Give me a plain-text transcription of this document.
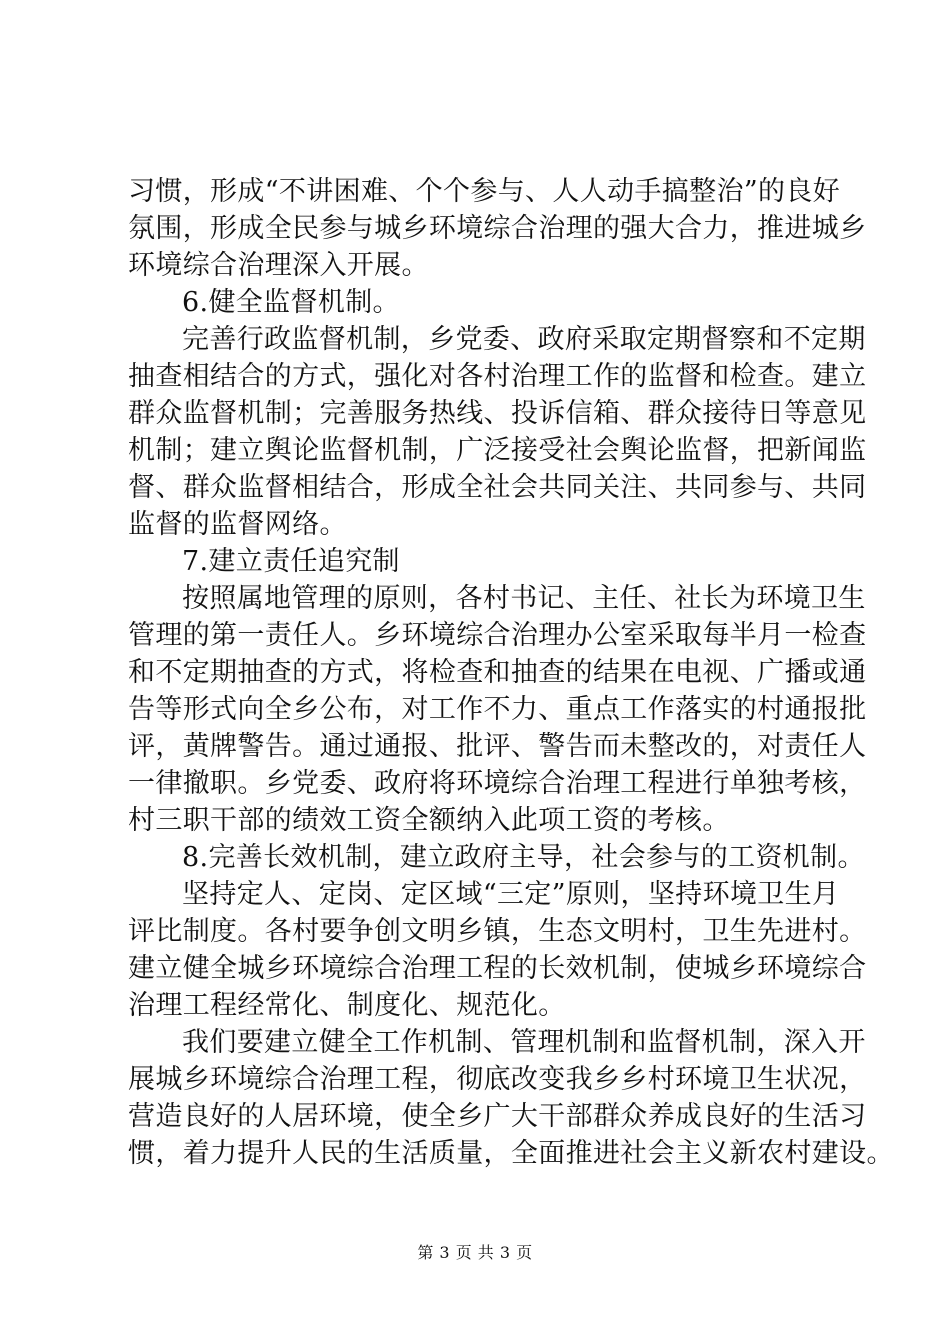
习惯，形成“不讲困难、个个参与、人人动手搞整治”的良好
氛围，形成全民参与城乡环境综合治理的强大合力，推进城乡
环境综合治理深入开展。
6.健全监督机制。
完善行政监督机制，乡党委、政府采取定期督察和不定期
抽查相结合的方式，强化对各村治理工作的监督和检查。建立
群众监督机制；完善服务热线、投诉信箱、群众接待日等意见
机制；建立舆论监督机制，广泛接受社会舆论监督，把新闻监
督、群众监督相结合，形成全社会共同关注、共同参与、共同
监督的监督网络。
7.建立责任追究制
按照属地管理的原则，各村书记、主任、社长为环境卫生
管理的第一责任人。乡环境综合治理办公室采取每半月一检查
和不定期抽查的方式，将检查和抽查的结果在电视、广播或通
告等形式向全乡公布，对工作不力、重点工作落实的村通报批
评，黄牌警告。通过通报、批评、警告而未整改的，对责任人
一律撤职。乡党委、政府将环境综合治理工程进行单独考核，
村三职干部的绩效工资全额纳入此项工资的考核。
8.完善长效机制，建立政府主导，社会参与的工资机制。
坚持定人、定岗、定区域“三定”原则，坚持环境卫生月
评比制度。各村要争创文明乡镇，生态文明村，卫生先进村。
建立健全城乡环境综合治理工程的长效机制，使城乡环境综合
治理工程经常化、制度化、规范化。
我们要建立健全工作机制、管理机制和监督机制，深入开
展城乡环境综合治理工程，彻底改变我乡乡村环境卫生状况，
营造良好的人居环境，使全乡广大干部群众养成良好的生活习
惯，着力提升人民的生活质量，全面推进社会主义新农村建设。
第 3 页 共 3 页
